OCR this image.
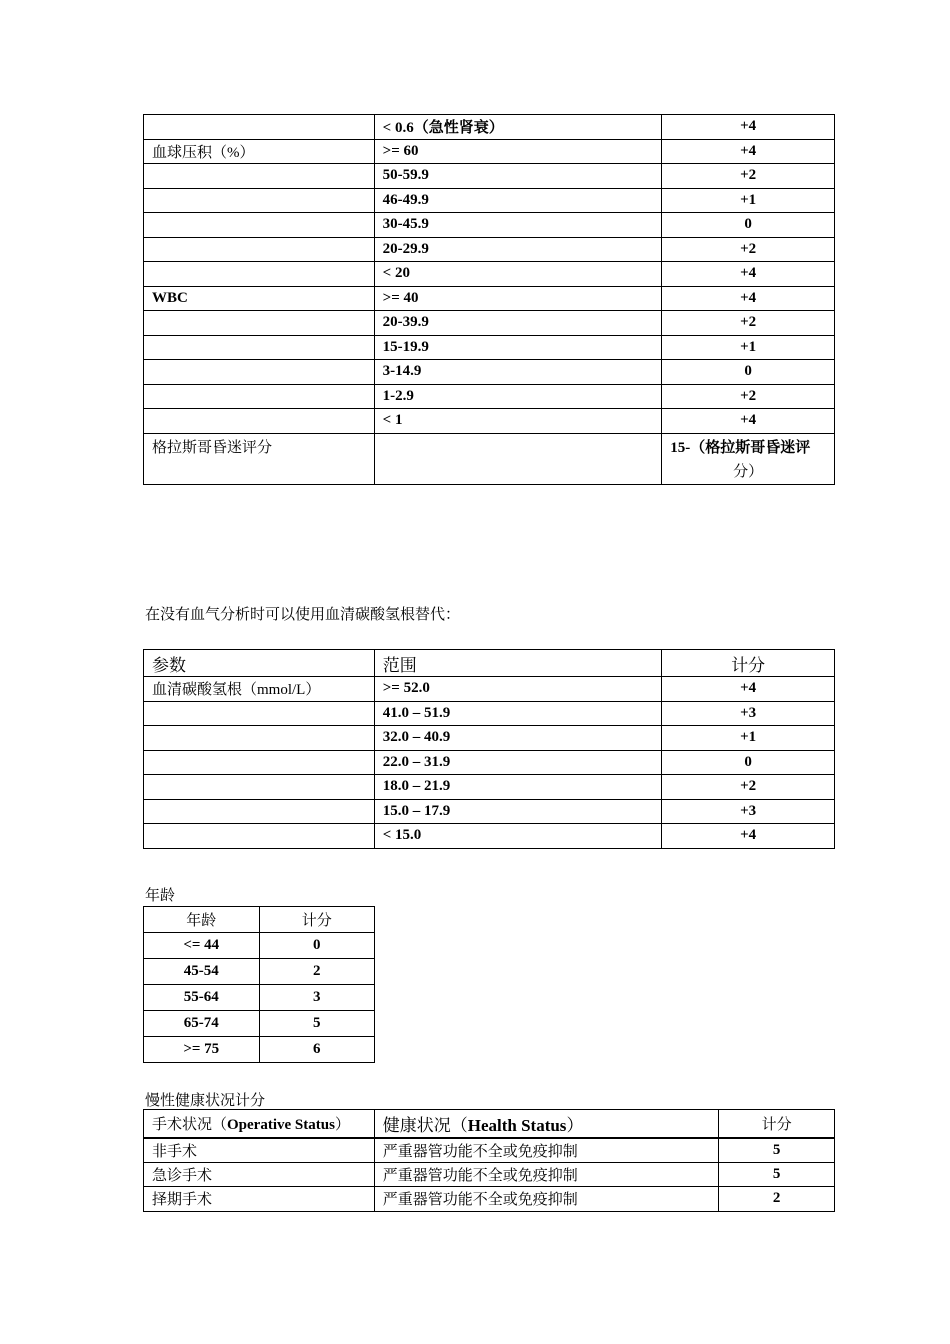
	< 0.6（急性肾衰）	+4
血球压积（%）	>= 60	+4
	50-59.9	+2
	46-49.9	+1
	30-45.9	0
	20-29.9	+2
	< 20	+4
WBC	>= 40	+4
	20-39.9	+2
	15-19.9	+1
	3-14.9	0
	1-2.9	+2
	< 1	+4
格拉斯哥昏迷评分		15-（格拉斯哥昏迷评
分）
在没有血气分析时可以使用血清碳酸氢根替代：
参数	范围	计分
血清碳酸氢根（mmol/L）	>= 52.0	+4
	41.0 – 51.9	+3
	32.0 – 40.9	+1
	22.0 – 31.9	0
	18.0 – 21.9	+2
	15.0 – 17.9	+3
	< 15.0	+4
年龄
年龄	计分
<= 44	0
45-54	2
55-64	3
65-74	5
>= 75	6
慢性健康状况计分
手术状况（Operative Status）	健康状况（Health Status）	计分
非手术	严重器管功能不全或免疫抑制	5
急诊手术	严重器管功能不全或免疫抑制	5
择期手术	严重器管功能不全或免疫抑制	2
